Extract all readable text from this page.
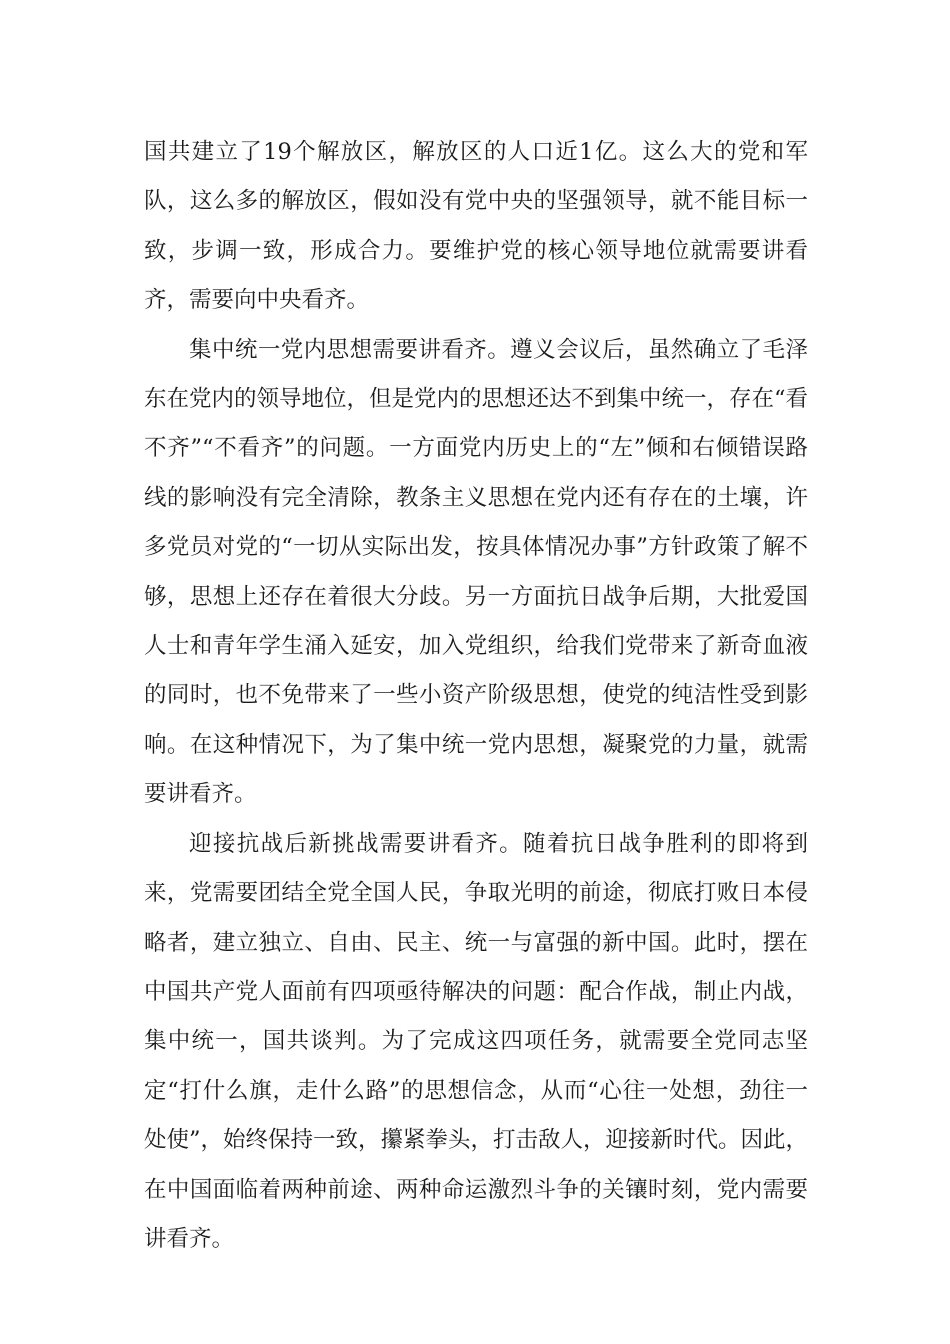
国共建立了19个解放区，解放区的人口近1亿。这么大的党和军队，这么多的解放区，假如没有党中央的坚强领导，就不能目标一致，步调一致，形成合力。要维护党的核心领导地位就需要讲看齐，需要向中央看齐。

集中统一党内思想需要讲看齐。遵义会议后，虽然确立了毛泽东在党内的领导地位，但是党内的思想还达不到集中统一，存在“看不齐”“不看齐”的问题。一方面党内历史上的“左”倾和右倾错误路线的影响没有完全清除，教条主义思想在党内还有存在的土壤，许多党员对党的“一切从实际出发，按具体情况办事”方针政策了解不够，思想上还存在着很大分歧。另一方面抗日战争后期，大批爱国人士和青年学生涌入延安，加入党组织，给我们党带来了新奇血液的同时，也不免带来了一些小资产阶级思想，使党的纯洁性受到影响。在这种情况下，为了集中统一党内思想，凝聚党的力量，就需要讲看齐。

迎接抗战后新挑战需要讲看齐。随着抗日战争胜利的即将到来，党需要团结全党全国人民，争取光明的前途，彻底打败日本侵略者，建立独立、自由、民主、统一与富强的新中国。此时，摆在中国共产党人面前有四项亟待解决的问题：配合作战，制止内战，集中统一，国共谈判。为了完成这四项任务，就需要全党同志坚定“打什么旗，走什么路”的思想信念，从而“心往一处想，劲往一处使”，始终保持一致，攥紧拳头，打击敌人，迎接新时代。因此，在中国面临着两种前途、两种命运激烈斗争的关镶时刻，党内需要讲看齐。
